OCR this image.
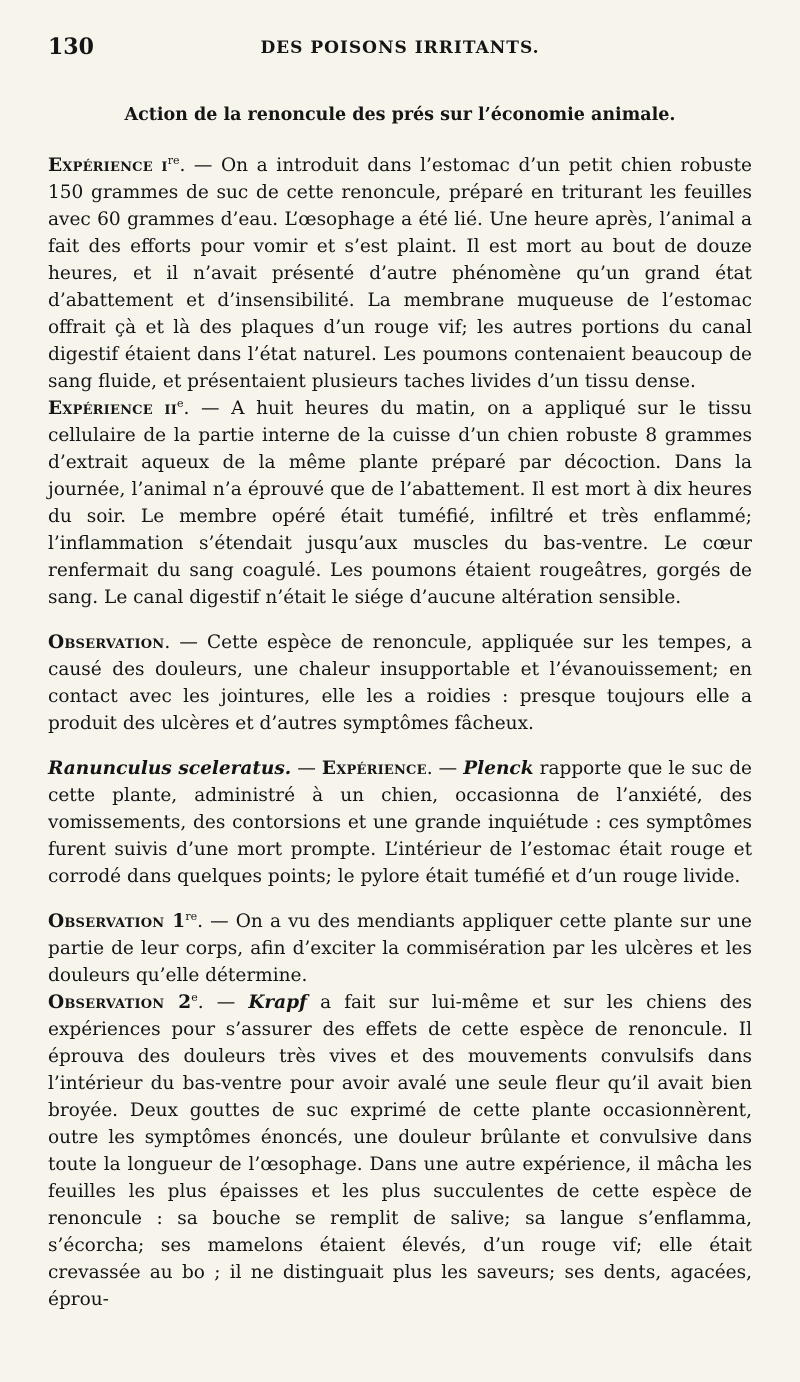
130	DES POISONS IRRITANTS.
Action de la renoncule des prés sur l’économie animale.

Expérience $i^{re}$. — On a introduit dans l’estomac d’un petit chien robuste 150 grammes de suc de cette renoncule, préparé en triturant les feuilles avec 60 grammes d’eau. L’œsophage a été lié. Une heure après, l’animal a fait des efforts pour vomir et s’est plaint. Il est mort au bout de douze heures, et il n’avait présenté d’autre phénomène qu’un grand état d’abattement et d’insensibilité. La membrane muqueuse de l’estomac offrait çà et là des plaques d’un rouge vif; les autres portions du canal digestif étaient dans l’état naturel. Les poumons contenaient beaucoup de sang fluide, et présentaient plusieurs taches livides d’un tissu dense.

Expérience $ii^e$. — A huit heures du matin, on a appliqué sur le tissu cellulaire de la partie interne de la cuisse d’un chien robuste 8 grammes d’extrait aqueux de la même plante préparé par décoction. Dans la journée, l’animal n’a éprouvé que de l’abattement. Il est mort à dix heures du soir. Le membre opéré était tuméfié, infiltré et très enflammé; l’inflammation s’étendait jusqu’aux muscles du bas-ventre. Le cœur renfermait du sang coagulé. Les poumons étaient rougeâtres, gorgés de sang. Le canal digestif n’était le siége d’aucune altération sensible.

Observation. — Cette espèce de renoncule, appliquée sur les tempes, a causé des douleurs, une chaleur insupportable et l’évanouissement; en contact avec les jointures, elle les a roidies : presque toujours elle a produit des ulcères et d’autres symptômes fâcheux.

Ranunculus sceleratus. — Expérience. — Plenck rapporte que le suc de cette plante, administré à un chien, occasionna de l’anxiété, des vomissements, des contorsions et une grande inquiétude : ces symptômes furent suivis d’une mort prompte. L’intérieur de l’estomac était rouge et corrodé dans quelques points; le pylore était tuméfié et d’un rouge livide.

Observation 1re. — On a vu des mendiants appliquer cette plante sur une partie de leur corps, afin d’exciter la commisération par les ulcères et les douleurs qu’elle détermine.

Observation 2e. — Krapf a fait sur lui-même et sur les chiens des expériences pour s’assurer des effets de cette espèce de renoncule. Il éprouva des douleurs très vives et des mouvements convulsifs dans l’intérieur du bas-ventre pour avoir avalé une seule fleur qu’il avait bien broyée. Deux gouttes de suc exprimé de cette plante occasionnèrent, outre les symptômes énoncés, une douleur brûlante et convulsive dans toute la longueur de l’œsophage. Dans une autre expérience, il mâcha les feuilles les plus épaisses et les plus succulentes de cette espèce de renoncule : sa bouche se remplit de salive; sa langue s’enflamma, s’écorcha; ses mamelons étaient élevés, d’un rouge vif; elle était crevassée au bo ; il ne distinguait plus les saveurs; ses dents, agacées, éprou-
